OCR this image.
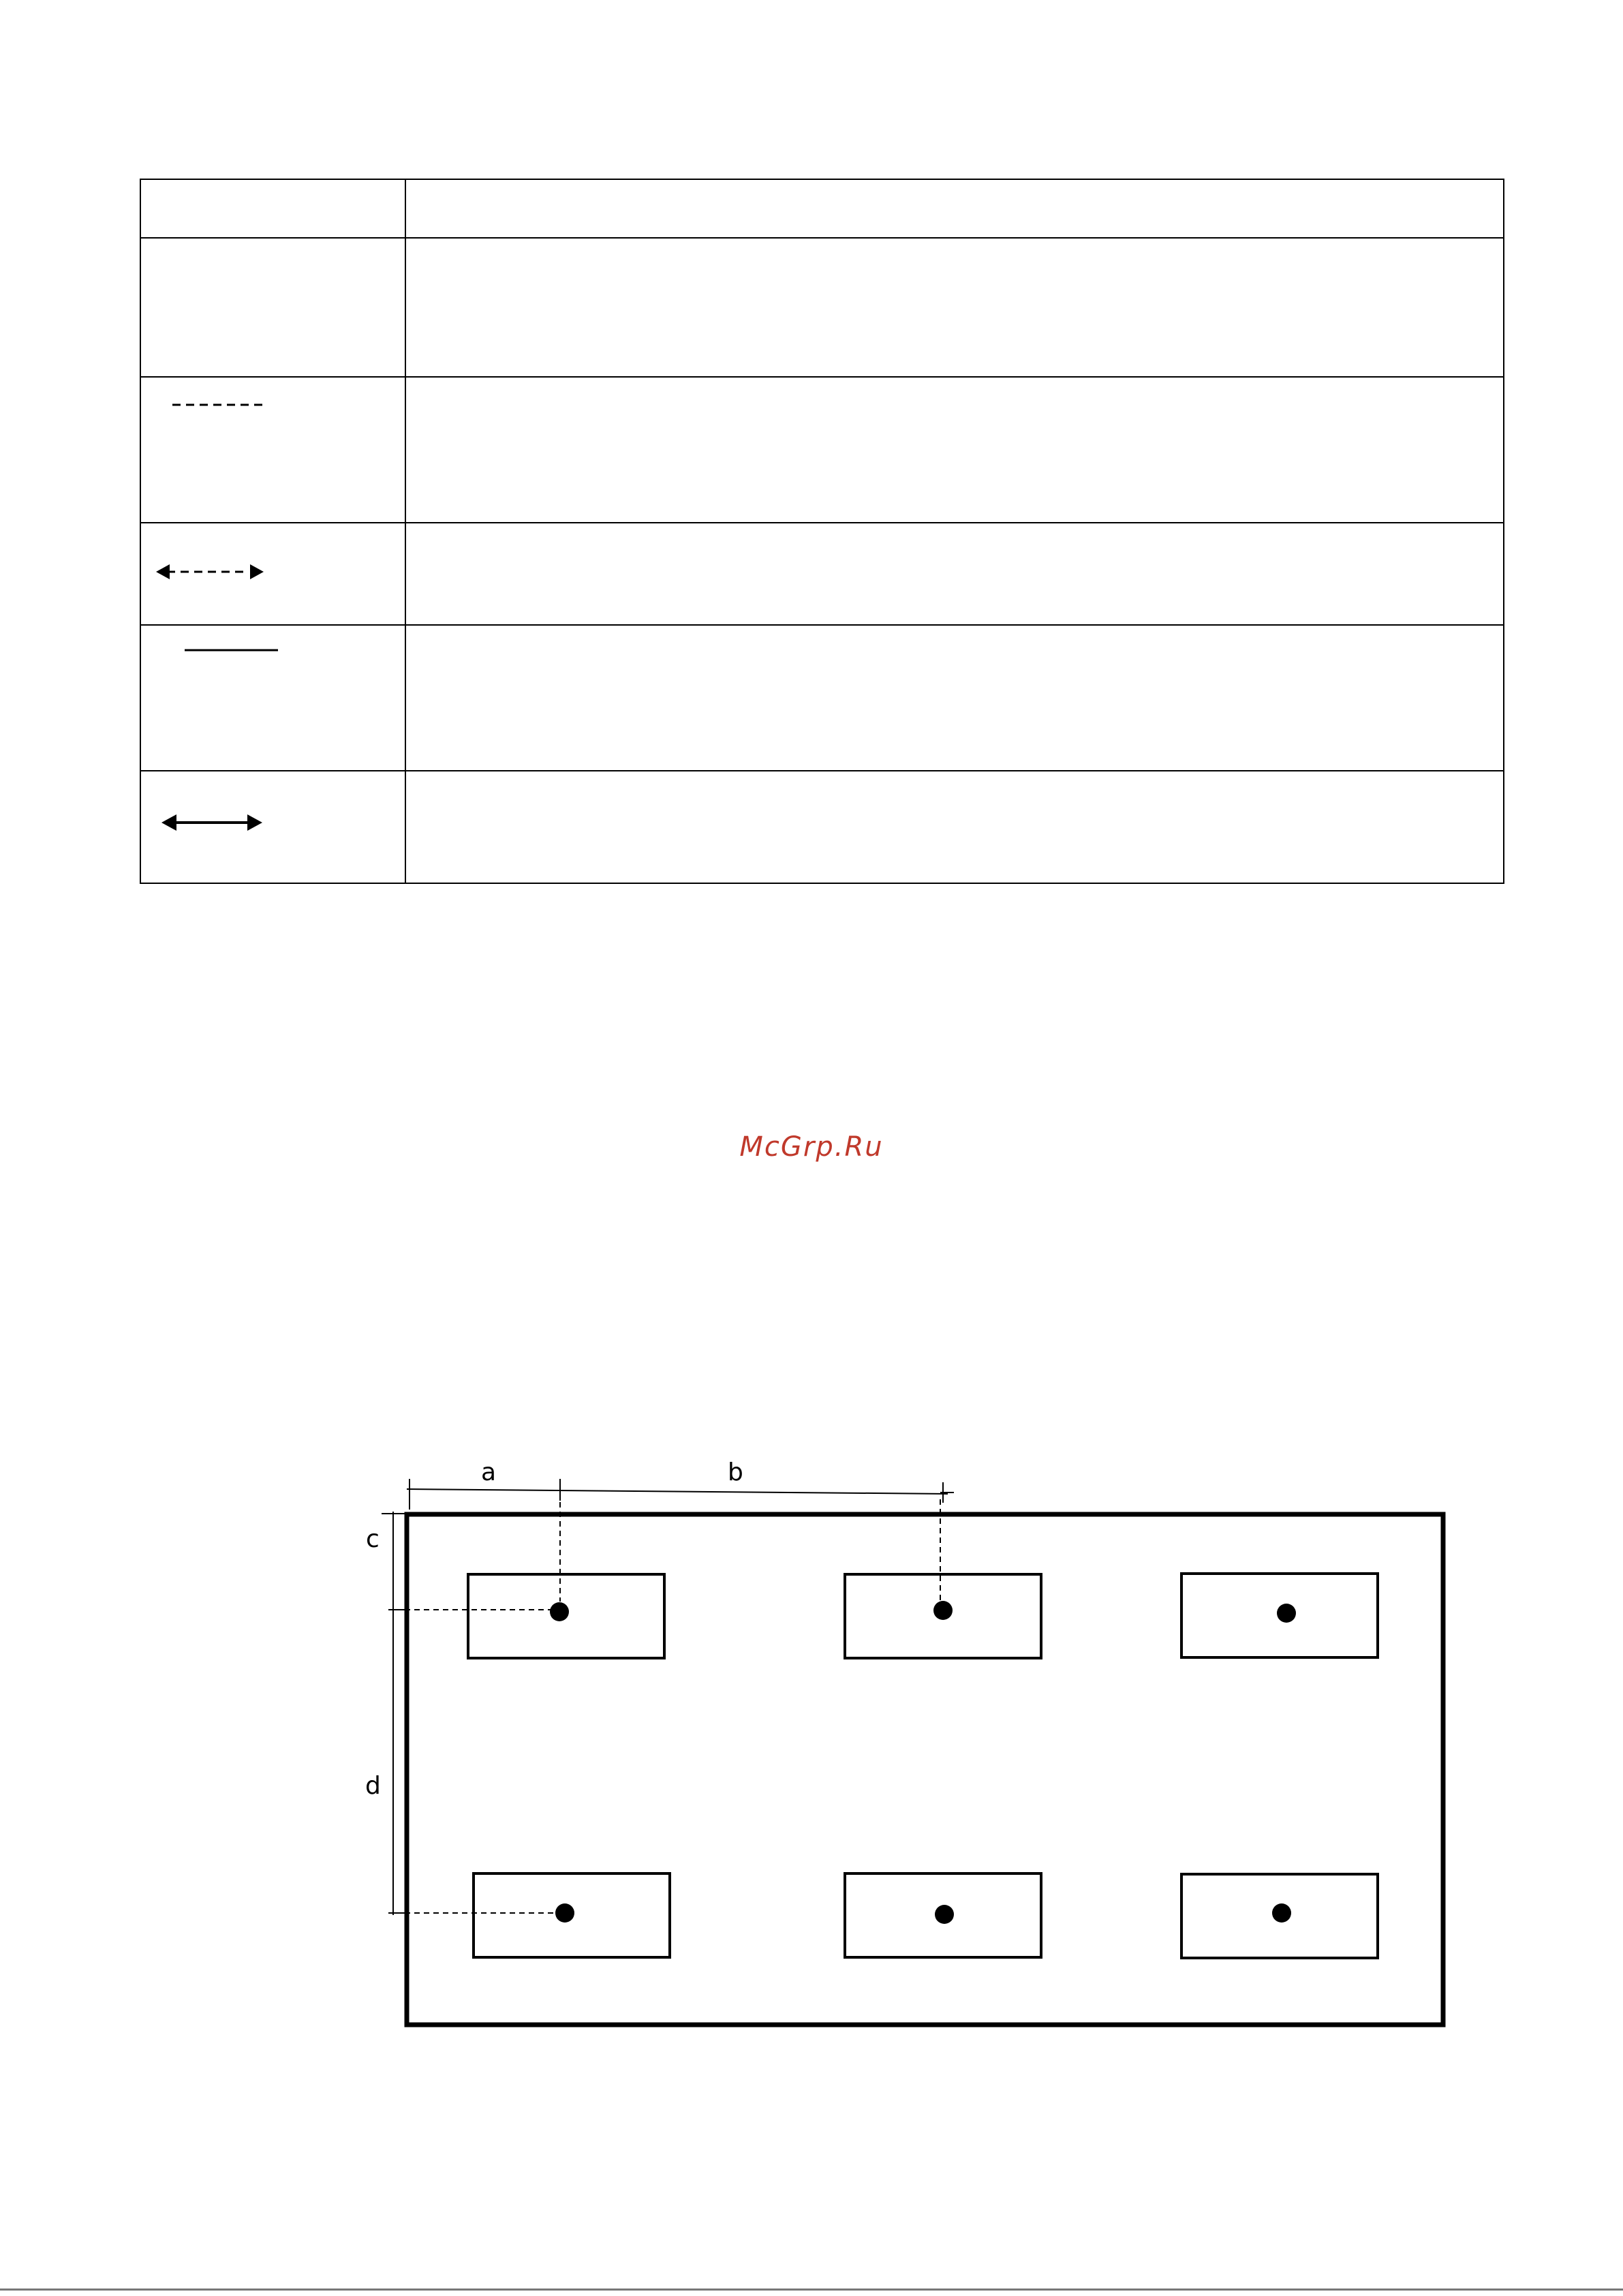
McGrp.Ru
a	b
c
d
